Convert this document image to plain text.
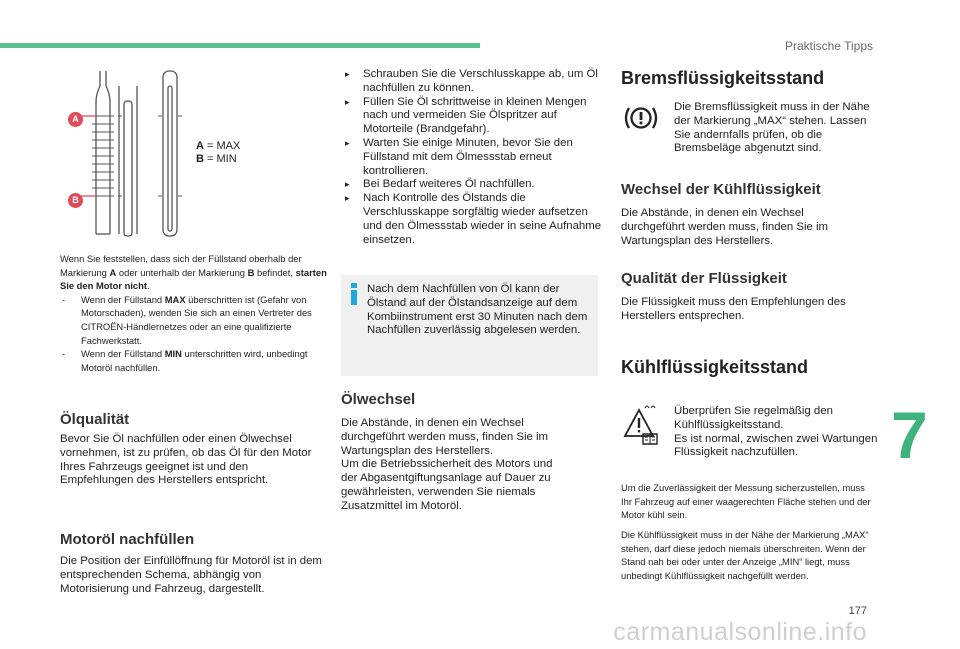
Praktische Tipps
A
B
A = MAX
B = MIN
Wenn Sie feststellen, dass sich der Füllstand oberhalb der Markierung A oder unterhalb der Markierung B befindet, starten Sie den Motor nicht.
- Wenn der Füllstand MAX überschritten ist (Gefahr von Motorschaden), wenden Sie sich an einen Vertreter des CITROËN-Händlernetzes oder an eine qualifizierte Fachwerkstatt.
- Wenn der Füllstand MIN unterschritten wird, unbedingt Motoröl nachfüllen.
Ölqualität
Bevor Sie Öl nachfüllen oder einen Ölwechsel vornehmen, ist zu prüfen, ob das Öl für den Motor Ihres Fahrzeugs geeignet ist und den Empfehlungen des Herstellers entspricht.
Motoröl nachfüllen
Die Position der Einfüllöffnung für Motoröl ist in dem entsprechenden Schema, abhängig von Motorisierung und Fahrzeug, dargestellt.
▸ Schrauben Sie die Verschlusskappe ab, um Öl nachfüllen zu können.
▸ Füllen Sie Öl schrittweise in kleinen Mengen nach und vermeiden Sie Ölspritzer auf Motorteile (Brandgefahr).
▸ Warten Sie einige Minuten, bevor Sie den Füllstand mit dem Ölmessstab erneut kontrollieren.
▸ Bei Bedarf weiteres Öl nachfüllen.
▸ Nach Kontrolle des Ölstands die Verschlusskappe sorgfältig wieder aufsetzen und den Ölmessstab wieder in seine Aufnahme einsetzen.
Nach dem Nachfüllen von Öl kann der Ölstand auf der Ölstandsanzeige auf dem Kombiinstrument erst 30 Minuten nach dem Nachfüllen zuverlässig abgelesen werden.
Ölwechsel
Die Abstände, in denen ein Wechsel durchgeführt werden muss, finden Sie im Wartungsplan des Herstellers.
Um die Betriebssicherheit des Motors und der Abgasentgiftungsanlage auf Dauer zu gewährleisten, verwenden Sie niemals Zusatzmittel im Motoröl.
Bremsflüssigkeitsstand
Die Bremsflüssigkeit muss in der Nähe der Markierung „MAX“ stehen. Lassen Sie andernfalls prüfen, ob die Bremsbeläge abgenutzt sind.
Wechsel der Kühlflüssigkeit
Die Abstände, in denen ein Wechsel durchgeführt werden muss, finden Sie im Wartungsplan des Herstellers.
Qualität der Flüssigkeit
Die Flüssigkeit muss den Empfehlungen des Herstellers entsprechen.
Kühlflüssigkeitsstand
Überprüfen Sie regelmäßig den Kühlflüssigkeitsstand.
Es ist normal, zwischen zwei Wartungen Flüssigkeit nachzufüllen.
Um die Zuverlässigkeit der Messung sicherzustellen, muss Ihr Fahrzeug auf einer waagerechten Fläche stehen und der Motor kühl sein.
Die Kühlflüssigkeit muss in der Nähe der Markierung „MAX“ stehen, darf diese jedoch niemals überschreiten. Wenn der Stand nah bei oder unter der Anzeige „MIN“ liegt, muss unbedingt Kühlflüssigkeit nachgefüllt werden.
7
177
carmanualsonline.info
